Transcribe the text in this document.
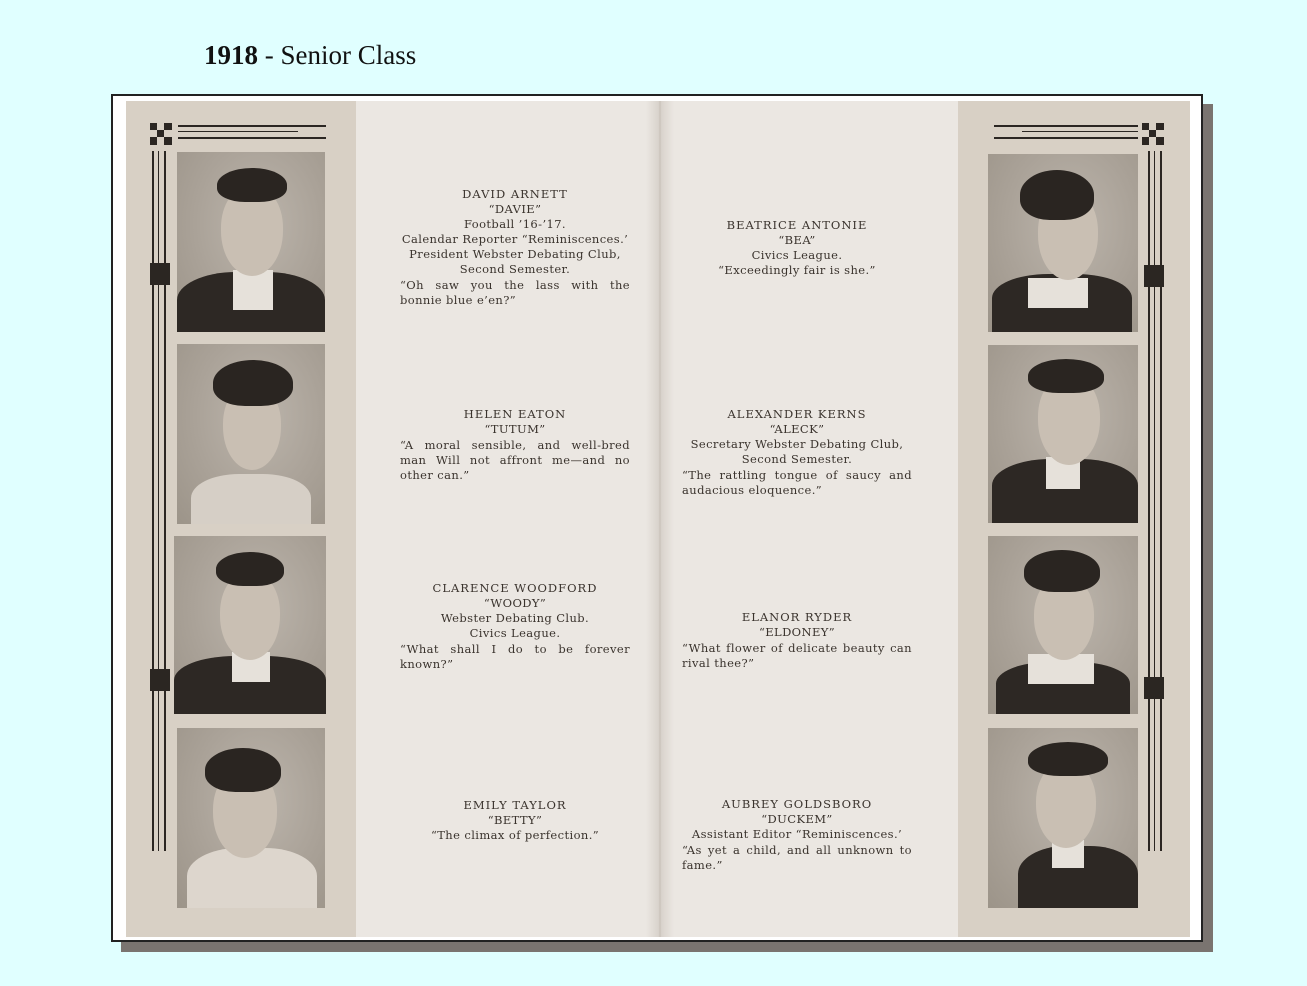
1918 - Senior Class
DAVID ARNETT
“DAVIE”
Football ’16-’17.
Calendar Reporter “Reminiscences.’
President Webster Debating Club,
Second Semester.
“Oh saw you the lass with the bonnie blue e’en?”
HELEN EATON
“TUTUM”
“A moral sensible, and well-bred man Will not affront me—and no other can.”
CLARENCE WOODFORD
“WOODY”
Webster Debating Club.
Civics League.
“What shall I do to be forever known?”
EMILY TAYLOR
“BETTY”
“The climax of perfection.”
BEATRICE ANTONIE
“BEA”
Civics League.
“Exceedingly fair is she.”
ALEXANDER KERNS
“ALECK”
Secretary Webster Debating Club,
Second Semester.
“The rattling tongue of saucy and audacious eloquence.”
ELANOR RYDER
“ELDONEY”
“What flower of delicate beauty can rival thee?”
AUBREY GOLDSBORO
“DUCKEM”
Assistant Editor “Reminiscences.’
“As yet a child, and all unknown to fame.”
